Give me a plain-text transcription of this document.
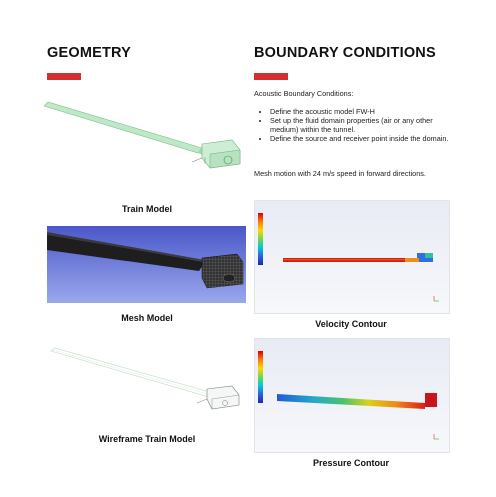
GEOMETRY
Train Model
Mesh Model
Wireframe Train Model
BOUNDARY CONDITIONS
Acoustic Boundary Conditions:
• Define the acoustic model FW-H
• Set up the fluid domain properties (air or any other medium) within the tunnel.
• Define the source and receiver point inside the domain.
Mesh motion with 24 m/s speed in forward directions.
Velocity Contour
Pressure Contour
